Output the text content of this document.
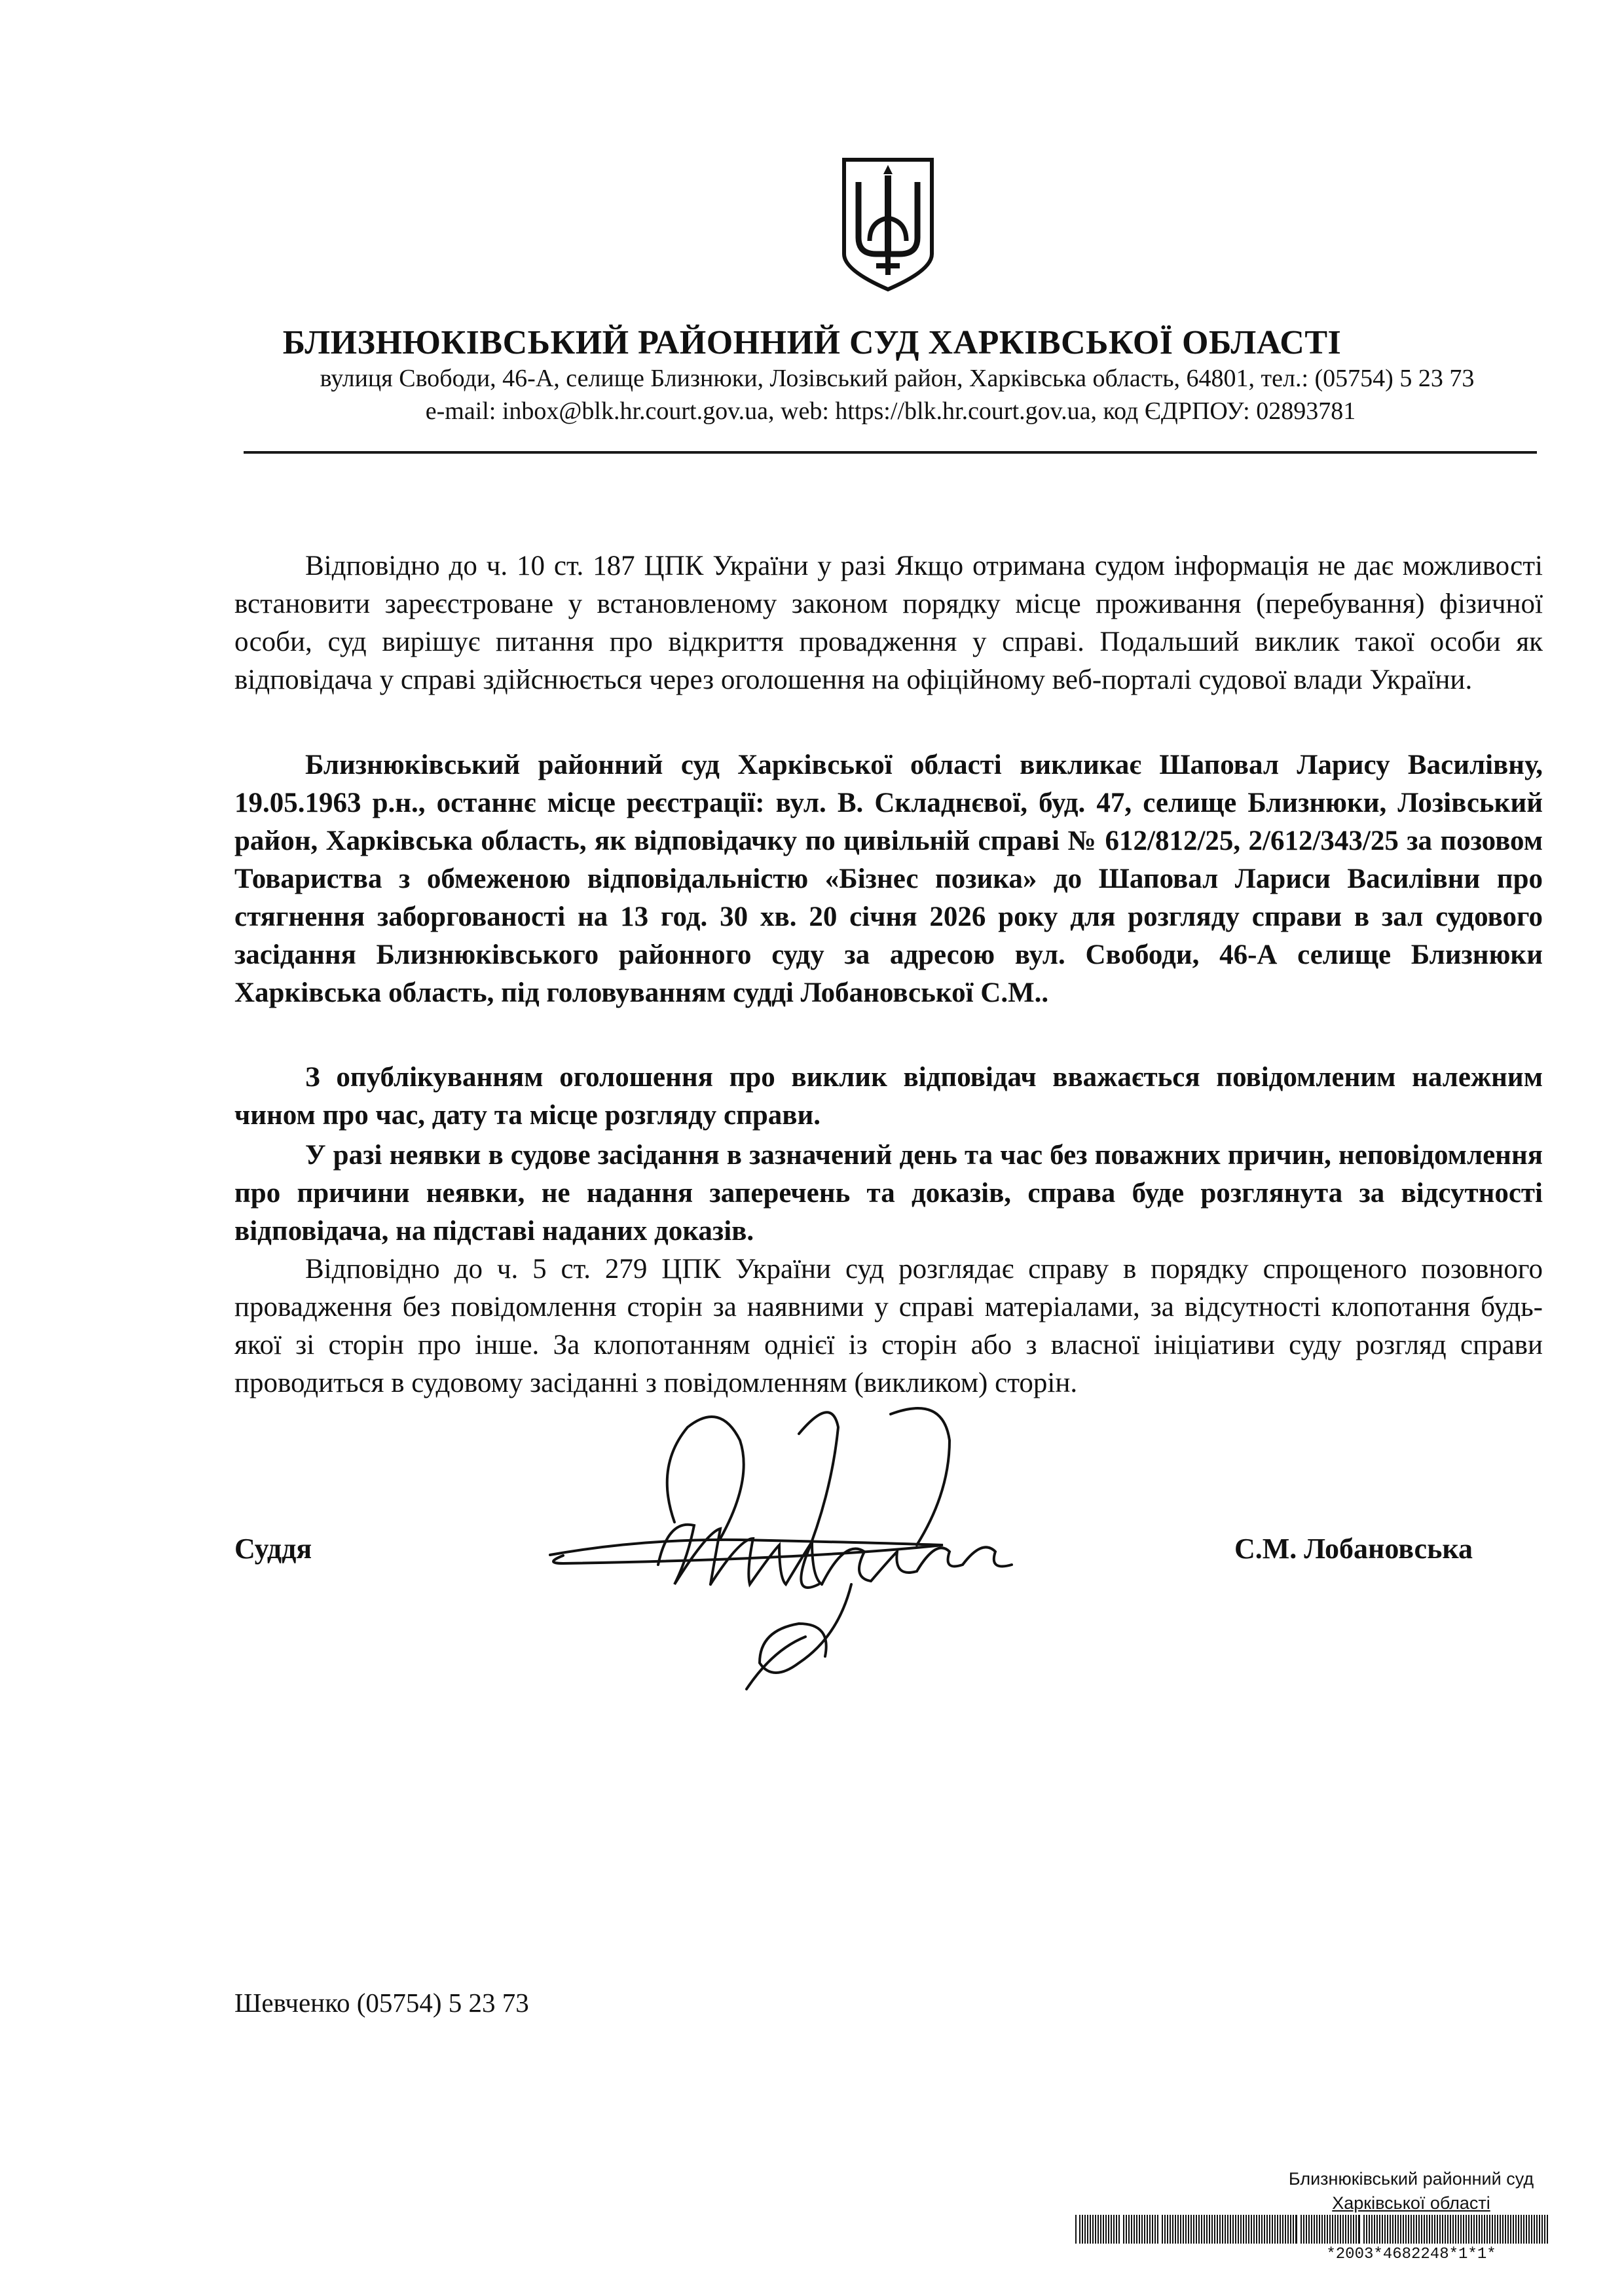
БЛИЗНЮКІВСЬКИЙ РАЙОННИЙ СУД ХАРКІВСЬКОЇ ОБЛАСТІ
вулиця Свободи, 46-А, селище Близнюки, Лозівський район, Харківська область, 64801, тел.: (05754) 5 23 73
e-mail: inbox@blk.hr.court.gov.ua, web: https://blk.hr.court.gov.ua, код ЄДРПОУ: 02893781

Відповідно до ч. 10 ст. 187 ЦПК України у разі Якщо отримана судом інформація не дає можливості встановити зареєстроване у встановленому законом порядку місце проживання (перебування) фізичної особи, суд вирішує питання про відкриття провадження у справі. Подальший виклик такої особи як відповідача у справі здійснюється через оголошення на офіційному веб-порталі судової влади України.

Близнюківський районний суд Харківської області викликає Шаповал Ларису Василівну, 19.05.1963 р.н., останнє місце реєстрації: вул. В. Складнєвої, буд. 47, селище Близнюки, Лозівський район, Харківська область, як відповідачку по цивільній справі № 612/812/25, 2/612/343/25 за позовом Товариства з обмеженою відповідальністю «Бізнес позика» до Шаповал Лариси Василівни про стягнення заборгованості на 13 год. 30 хв. 20 січня 2026 року для розгляду справи в зал судового засідання Близнюківського районного суду за адресою вул. Свободи, 46-А селище Близнюки Харківська область, під головуванням судді Лобановської С.М..

З опублікуванням оголошення про виклик відповідач вважається повідомленим належним чином про час, дату та місце розгляду справи.

У разі неявки в судове засідання в зазначений день та час без поважних причин, неповідомлення про причини неявки, не надання заперечень та доказів, справа буде розглянута за відсутності відповідача, на підставі наданих доказів.

Відповідно до ч. 5 ст. 279 ЦПК України суд розглядає справу в порядку спрощеного позовного провадження без повідомлення сторін за наявними у справі матеріалами, за відсутності клопотання будь-якої зі сторін про інше. За клопотанням однієї із сторін або з власної ініціативи суду розгляд справи проводиться в судовому засіданні з повідомленням (викликом) сторін.

Суддя	С.М. Лобановська
Шевченко (05754) 5 23 73
Близнюківський районний суд
Харківської області
*2003*4682248*1*1*
